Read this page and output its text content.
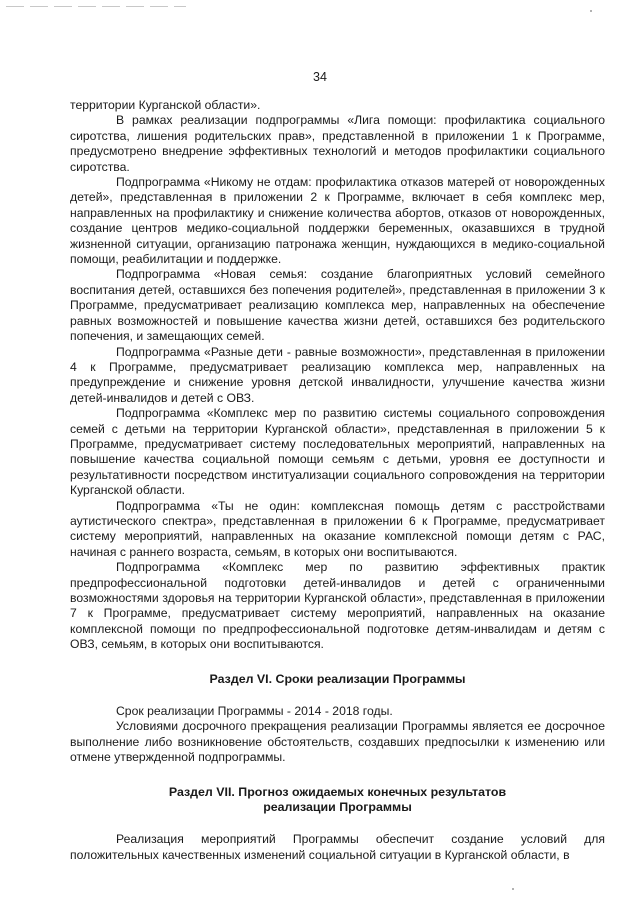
34

территории Курганской области».

В рамках реализации подпрограммы «Лига помощи: профилактика социального сиротства, лишения родительских прав», представленной в приложении 1 к Программе, предусмотрено внедрение эффективных технологий и методов профилактики социального сиротства.

Подпрограмма «Никому не отдам: профилактика отказов матерей от новорожденных детей», представленная в приложении 2 к Программе, включает в себя комплекс мер, направленных на профилактику и снижение количества абортов, отказов от новорожденных, создание центров медико-социальной поддержки беременных, оказавшихся в трудной жизненной ситуации, организацию патронажа женщин, нуждающихся в медико-социальной помощи, реабилитации и поддержке.

Подпрограмма «Новая семья: создание благоприятных условий семейного воспитания детей, оставшихся без попечения родителей», представленная в приложении 3 к Программе, предусматривает реализацию комплекса мер, направленных на обеспечение равных возможностей и повышение качества жизни детей, оставшихся без родительского попечения, и замещающих семей.

Подпрограмма «Разные дети - равные возможности», представленная в приложении 4 к Программе, предусматривает реализацию комплекса мер, направленных на предупреждение и снижение уровня детской инвалидности, улучшение качества жизни детей-инвалидов и детей с ОВЗ.

Подпрограмма «Комплекс мер по развитию системы социального сопровождения семей с детьми на территории Курганской области», представленная в приложении 5 к Программе, предусматривает систему последовательных мероприятий, направленных на повышение качества социальной помощи семьям с детьми, уровня ее доступности и результативности посредством институализации социального сопровождения на территории Курганской области.

Подпрограмма «Ты не один: комплексная помощь детям с расстройствами аутистического спектра», представленная в приложении 6 к Программе, предусматривает систему мероприятий, направленных на оказание комплексной помощи детям с РАС, начиная с раннего возраста, семьям, в которых они воспитываются.

Подпрограмма «Комплекс мер по развитию эффективных практик предпрофессиональной подготовки детей-инвалидов и детей с ограниченными возможностями здоровья на территории Курганской области», представленная в приложении 7 к Программе, предусматривает систему мероприятий, направленных на оказание комплексной помощи по предпрофессиональной подготовке детям-инвалидам и детям с ОВЗ, семьям, в которых они воспитываются.

Раздел VI. Сроки реализации Программы

Срок реализации Программы - 2014 - 2018 годы.

Условиями досрочного прекращения реализации Программы является ее досрочное выполнение либо возникновение обстоятельств, создавших предпосылки к изменению или отмене утвержденной подпрограммы.

Раздел VII. Прогноз ожидаемых конечных результатов
реализации Программы

Реализация мероприятий Программы обеспечит создание условий для положительных качественных изменений социальной ситуации в Курганской области, в
